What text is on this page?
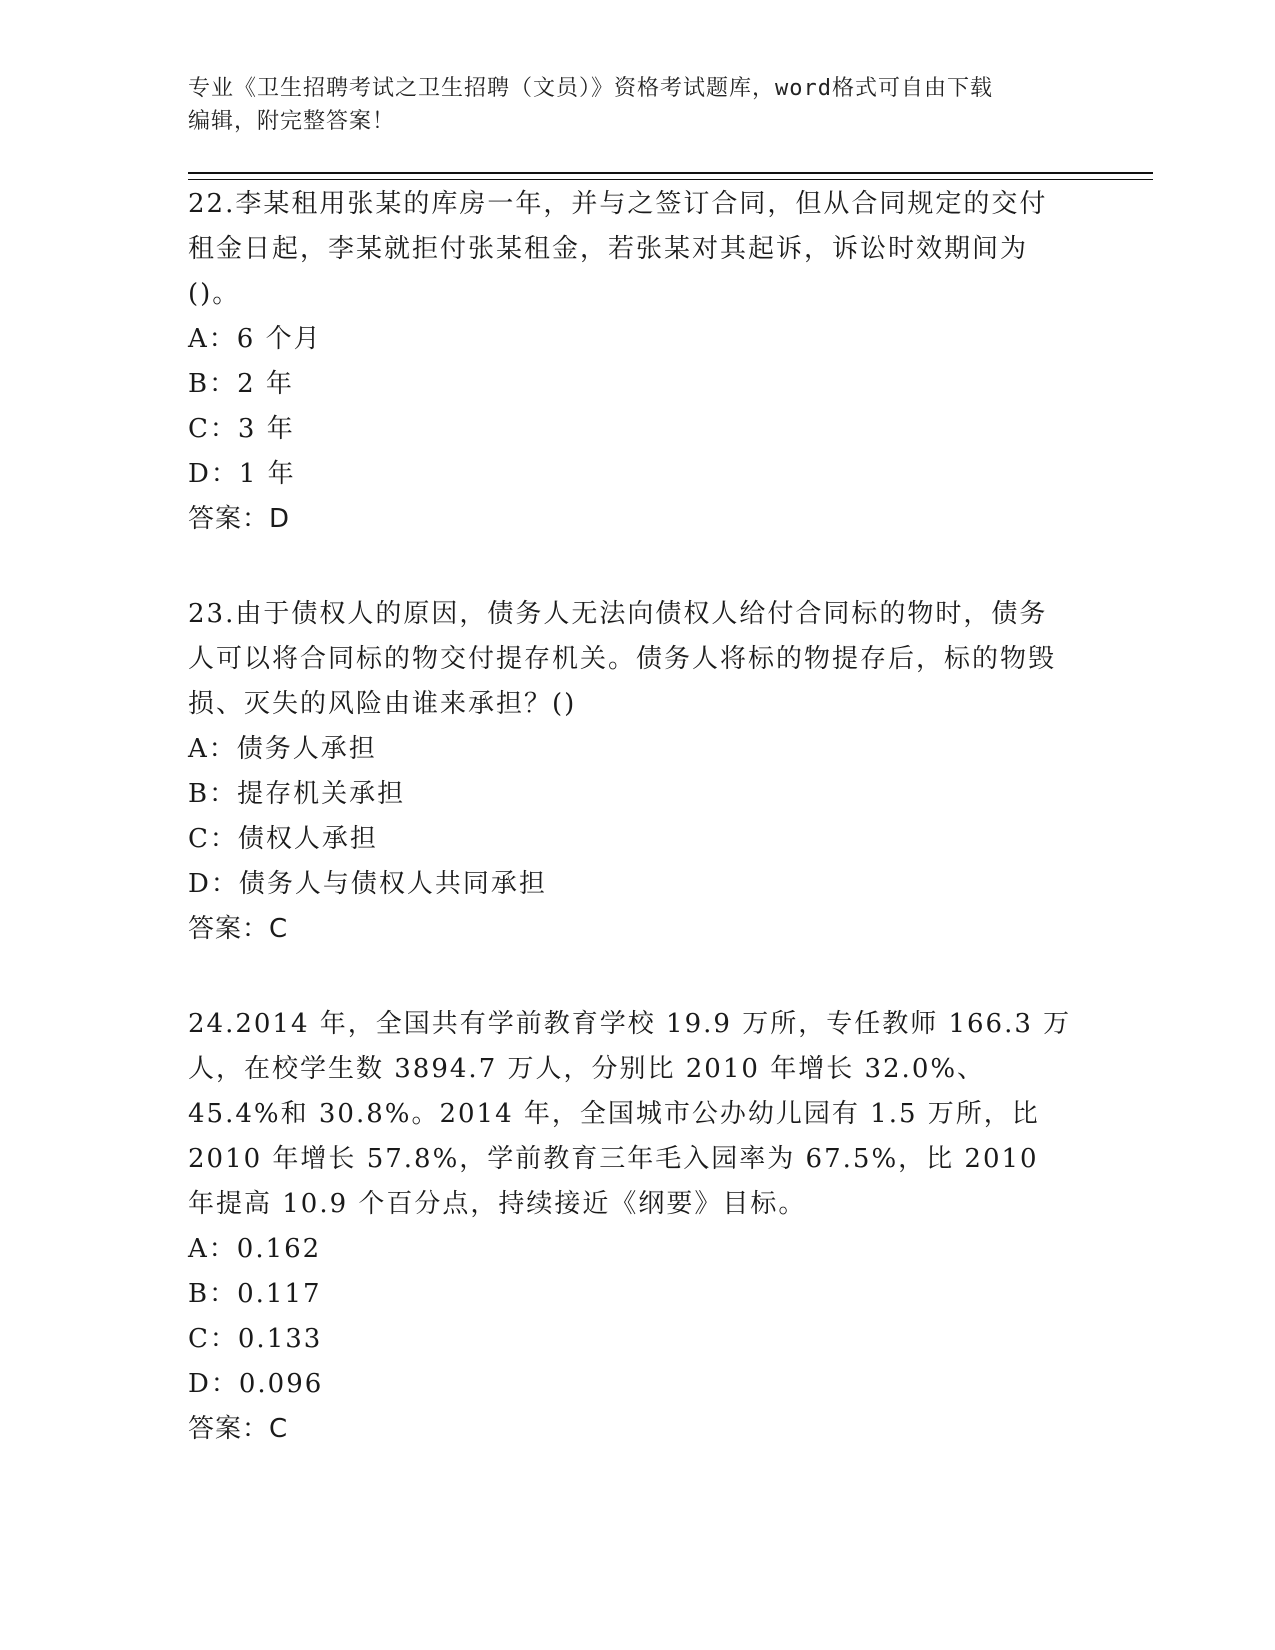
专业《卫生招聘考试之卫生招聘（文员）》资格考试题库，word格式可自由下载
编辑，附完整答案！

22.李某租用张某的库房一年，并与之签订合同，但从合同规定的交付租金日起，李某就拒付张某租金，若张某对其起诉，诉讼时效期间为()。

A：6 个月

B：2 年

C：3 年

D：1 年

答案：D

23.由于债权人的原因，债务人无法向债权人给付合同标的物时，债务人可以将合同标的物交付提存机关。债务人将标的物提存后，标的物毁损、灭失的风险由谁来承担？()

A：债务人承担

B：提存机关承担

C：债权人承担

D：债务人与债权人共同承担

答案：C

24.2014 年，全国共有学前教育学校 19.9 万所，专任教师 166.3 万人，在校学生数 3894.7 万人，分别比 2010 年增长 32.0%、45.4%和 30.8%。2014 年，全国城市公办幼儿园有 1.5 万所，比 2010 年增长 57.8%，学前教育三年毛入园率为 67.5%，比 2010 年提高 10.9 个百分点，持续接近《纲要》目标。

A：0.162

B：0.117

C：0.133

D：0.096

答案：C
